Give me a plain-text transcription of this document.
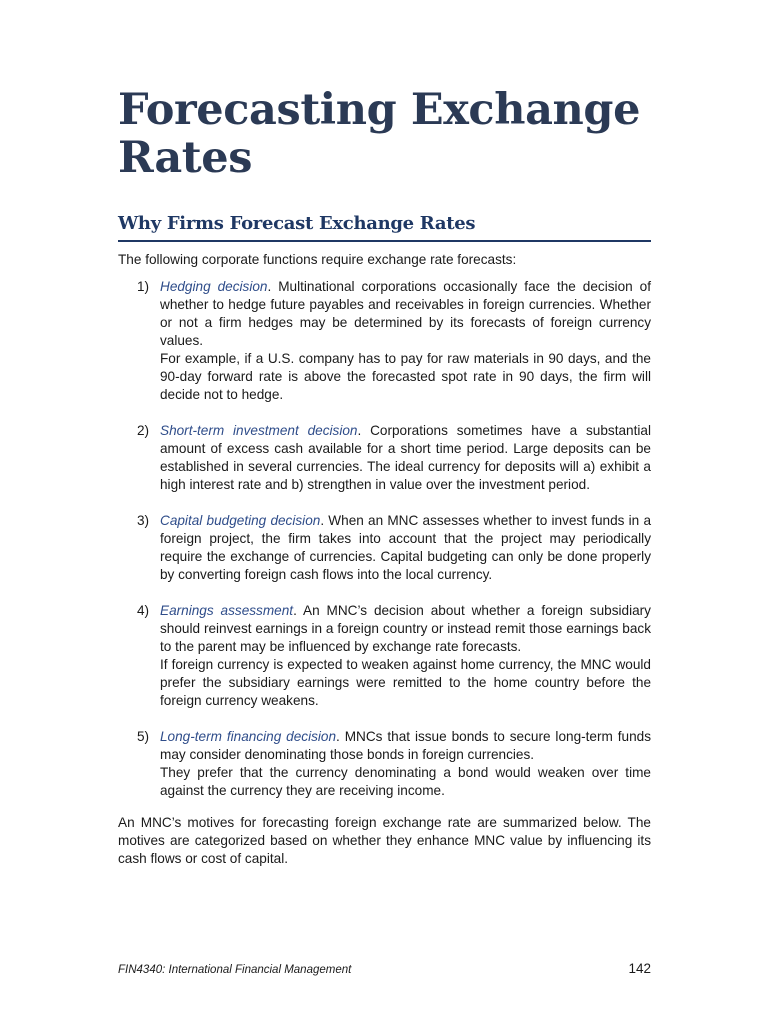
Forecasting Exchange Rates
Why Firms Forecast Exchange Rates

The following corporate functions require exchange rate forecasts:

1) Hedging decision. Multinational corporations occasionally face the decision of whether to hedge future payables and receivables in foreign currencies. Whether or not a firm hedges may be determined by its forecasts of foreign currency values.

For example, if a U.S. company has to pay for raw materials in 90 days, and the 90-day forward rate is above the forecasted spot rate in 90 days, the firm will decide not to hedge.

2) Short-term investment decision. Corporations sometimes have a substantial amount of excess cash available for a short time period. Large deposits can be established in several currencies. The ideal currency for deposits will a) exhibit a high interest rate and b) strengthen in value over the investment period.

3) Capital budgeting decision. When an MNC assesses whether to invest funds in a foreign project, the firm takes into account that the project may periodically require the exchange of currencies. Capital budgeting can only be done properly by converting foreign cash flows into the local currency.

4) Earnings assessment. An MNC’s decision about whether a foreign subsidiary should reinvest earnings in a foreign country or instead remit those earnings back to the parent may be influenced by exchange rate forecasts.

If foreign currency is expected to weaken against home currency, the MNC would prefer the subsidiary earnings were remitted to the home country before the foreign currency weakens.

5) Long-term financing decision. MNCs that issue bonds to secure long-term funds may consider denominating those bonds in foreign currencies.

They prefer that the currency denominating a bond would weaken over time against the currency they are receiving income.

An MNC’s motives for forecasting foreign exchange rate are summarized below. The motives are categorized based on whether they enhance MNC value by influencing its cash flows or cost of capital.

FIN4340: International Financial Management	142
